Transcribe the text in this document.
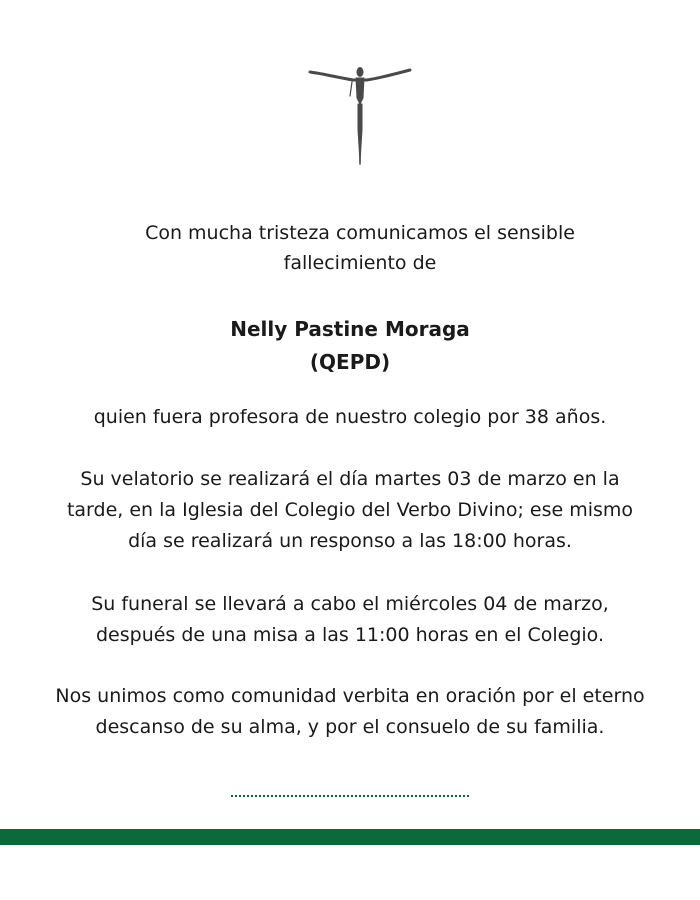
Con mucha tristeza comunicamos el sensible fallecimiento de

Nelly Pastine Moraga
(QEPD)

quien fuera profesora de nuestro colegio por 38 años.

Su velatorio se realizará el día martes 03 de marzo en la tarde, en la Iglesia del Colegio del Verbo Divino; ese mismo día se realizará un responso a las 18:00 horas.

Su funeral se llevará a cabo el miércoles 04 de marzo, después de una misa a las 11:00 horas en el Colegio.

Nos unimos como comunidad verbita en oración por el eterno descanso de su alma, y por el consuelo de su familia.
